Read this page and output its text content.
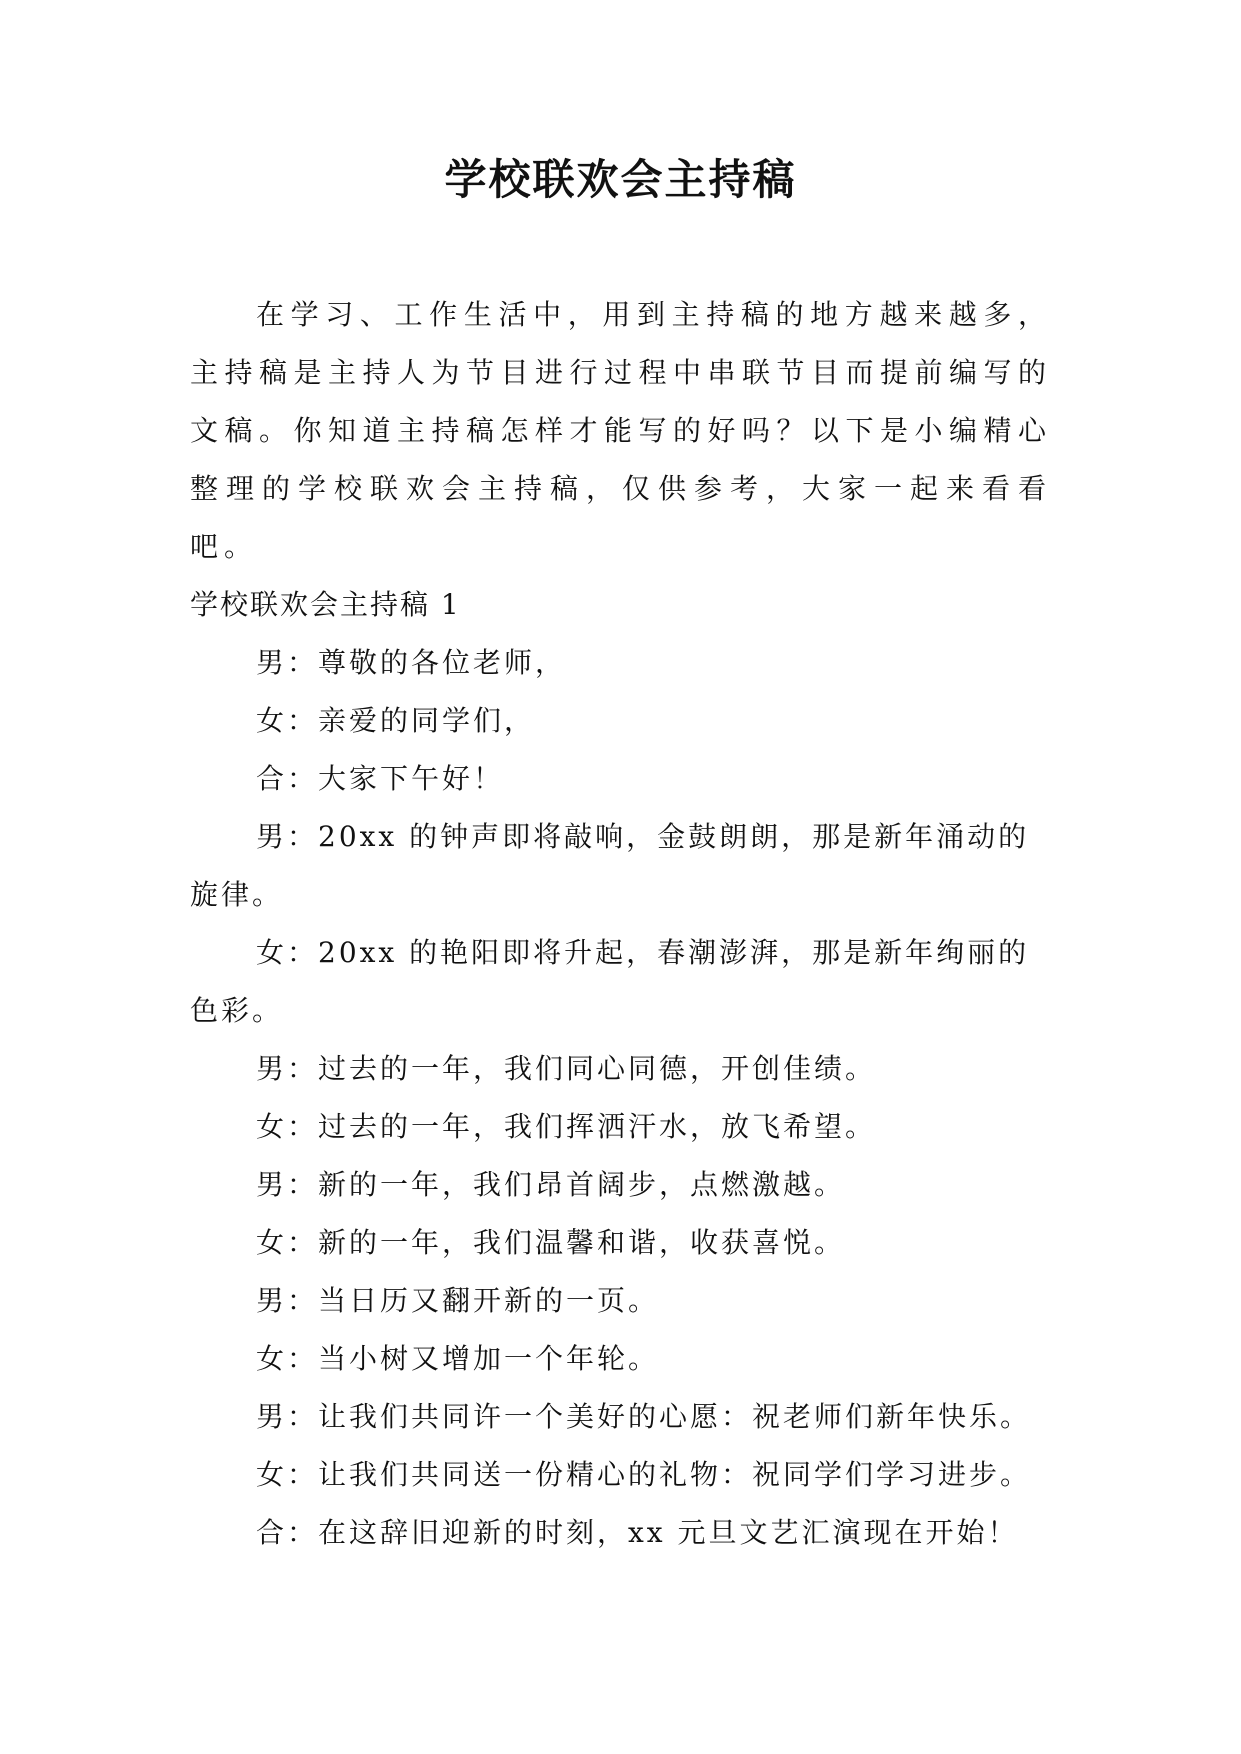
学校联欢会主持稿

在学习、工作生活中，用到主持稿的地方越来越多，主持稿是主持人为节目进行过程中串联节目而提前编写的文稿。你知道主持稿怎样才能写的好吗？以下是小编精心整理的学校联欢会主持稿，仅供参考，大家一起来看看吧。

学校联欢会主持稿 1

男：尊敬的各位老师，
女：亲爱的同学们，
合：大家下午好！
男：20xx 的钟声即将敲响，金鼓朗朗，那是新年涌动的旋律。
女：20xx 的艳阳即将升起，春潮澎湃，那是新年绚丽的色彩。
男：过去的一年，我们同心同德，开创佳绩。
女：过去的一年，我们挥洒汗水，放飞希望。
男：新的一年，我们昂首阔步，点燃激越。
女：新的一年，我们温馨和谐，收获喜悦。
男：当日历又翻开新的一页。
女：当小树又增加一个年轮。
男：让我们共同许一个美好的心愿：祝老师们新年快乐。
女：让我们共同送一份精心的礼物：祝同学们学习进步。
合：在这辞旧迎新的时刻，xx 元旦文艺汇演现在开始！
